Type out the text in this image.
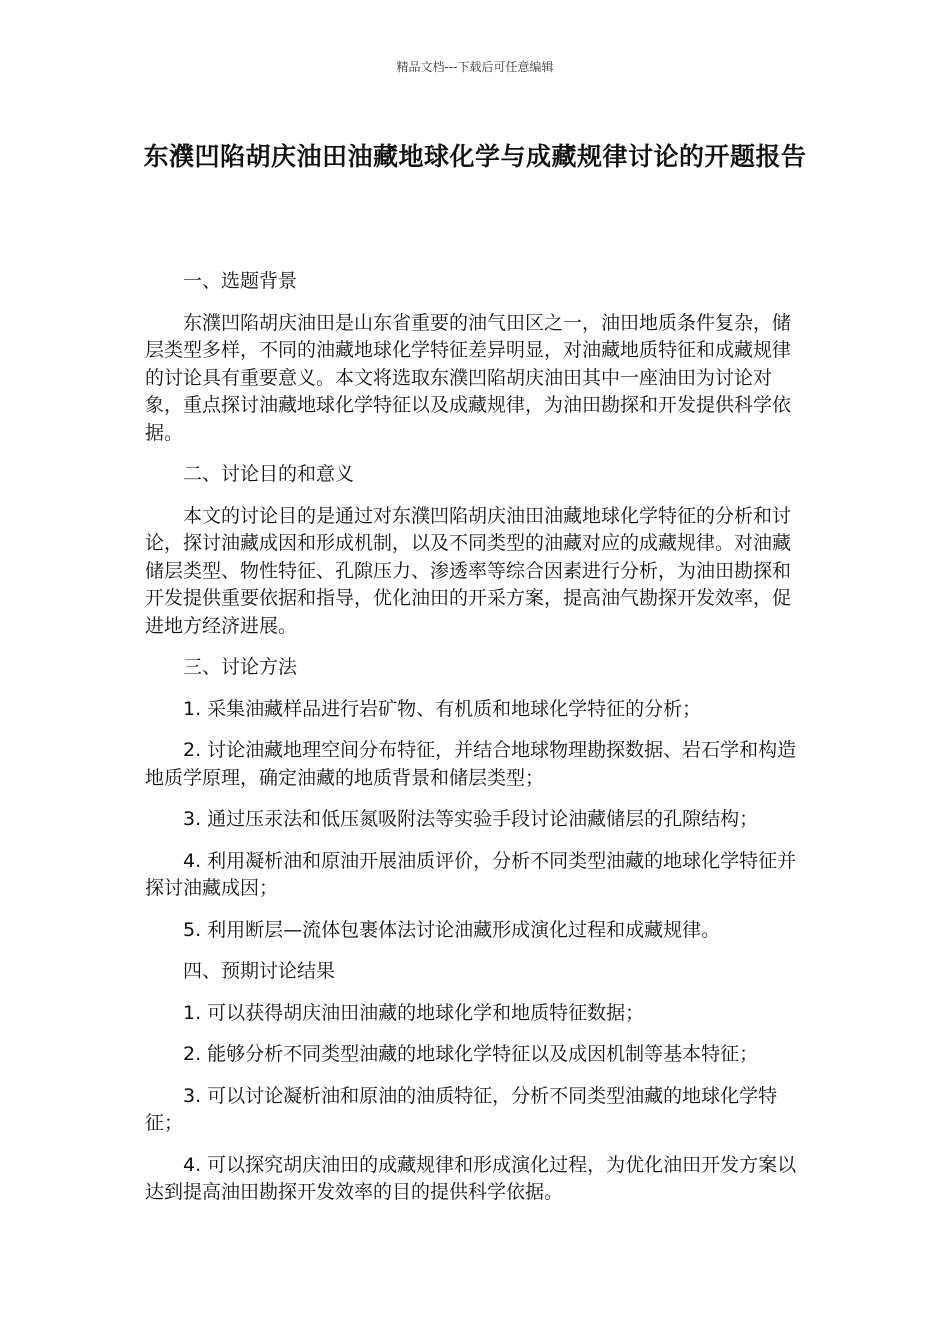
精品文档---下载后可任意编辑
东濮凹陷胡庆油田油藏地球化学与成藏规律讨论的开题报告

一、选题背景

东濮凹陷胡庆油田是山东省重要的油气田区之一，油田地质条件复杂，储层类型多样，不同的油藏地球化学特征差异明显，对油藏地质特征和成藏规律的讨论具有重要意义。本文将选取东濮凹陷胡庆油田其中一座油田为讨论对象，重点探讨油藏地球化学特征以及成藏规律，为油田勘探和开发提供科学依据。

二、讨论目的和意义

本文的讨论目的是通过对东濮凹陷胡庆油田油藏地球化学特征的分析和讨论，探讨油藏成因和形成机制，以及不同类型的油藏对应的成藏规律。对油藏储层类型、物性特征、孔隙压力、渗透率等综合因素进行分析，为油田勘探和开发提供重要依据和指导，优化油田的开采方案，提高油气勘探开发效率，促进地方经济进展。

三、讨论方法

1. 采集油藏样品进行岩矿物、有机质和地球化学特征的分析；

2. 讨论油藏地理空间分布特征，并结合地球物理勘探数据、岩石学和构造地质学原理，确定油藏的地质背景和储层类型；

3. 通过压汞法和低压氮吸附法等实验手段讨论油藏储层的孔隙结构；

4. 利用凝析油和原油开展油质评价，分析不同类型油藏的地球化学特征并探讨油藏成因；

5. 利用断层—流体包裹体法讨论油藏形成演化过程和成藏规律。

四、预期讨论结果

1. 可以获得胡庆油田油藏的地球化学和地质特征数据；

2. 能够分析不同类型油藏的地球化学特征以及成因机制等基本特征；

3. 可以讨论凝析油和原油的油质特征，分析不同类型油藏的地球化学特征；

4. 可以探究胡庆油田的成藏规律和形成演化过程，为优化油田开发方案以达到提高油田勘探开发效率的目的提供科学依据。
